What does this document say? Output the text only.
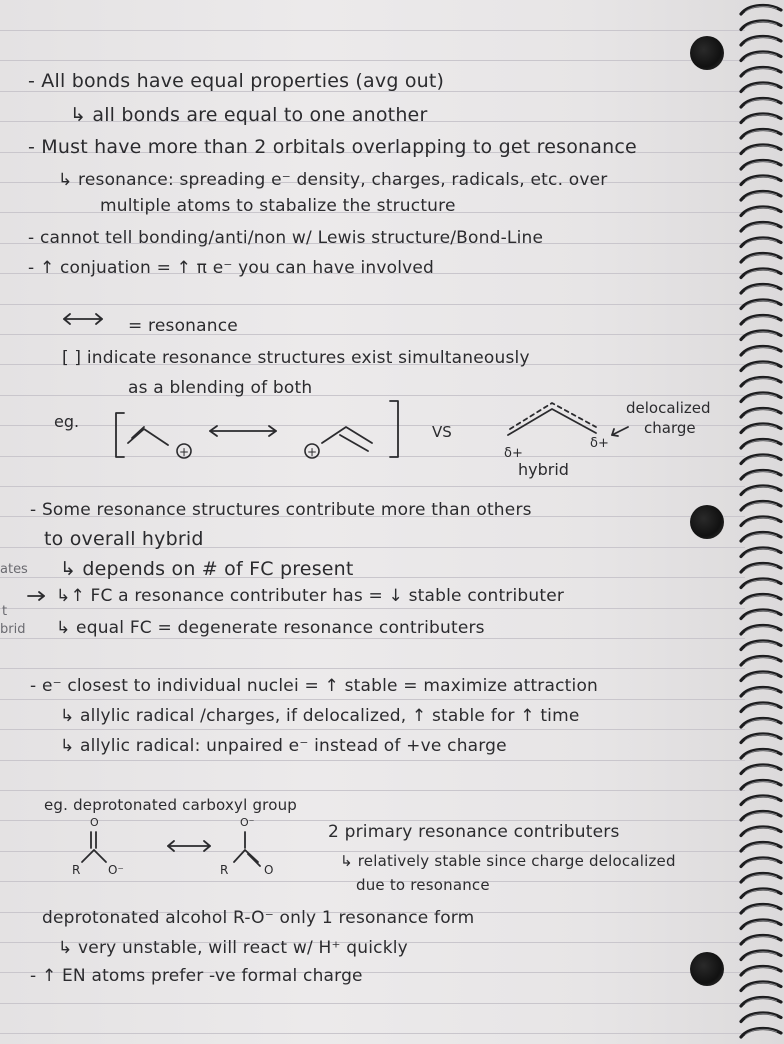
ates
t
brid
- All bonds have equal properties (avg out)
↳ all bonds are equal to one another
- Must have more than 2 orbitals overlapping to get resonance
↳ resonance: spreading e⁻ density, charges, radicals, etc. over
multiple atoms to stabalize the structure
- cannot tell bonding/anti/non w/ Lewis structure/Bond-Line
- ↑ conjuation = ↑ π e⁻ you can have involved
= resonance
[ ] indicate resonance structures exist simultaneously
as a blending of both
eg.
+	+
VS
δ+
δ+
delocalized
charge
hybrid
- Some resonance structures contribute more than others
to overall hybrid
↳ depends on # of FC present
↳↑ FC a resonance contributer has = ↓ stable contributer
↳ equal FC = degenerate resonance contributers
- e⁻ closest to individual nuclei = ↑ stable = maximize attraction
↳ allylic radical /charges, if delocalized, ↑ stable for ↑ time
↳ allylic radical: unpaired e⁻ instead of +ve charge
eg. deprotonated carboxyl group
O
R O⁻
O⁻
R	O
2 primary resonance contributers
↳ relatively stable since charge delocalized
due to resonance
deprotonated alcohol R-O⁻ only 1 resonance form
↳ very unstable, will react w/ H⁺ quickly
- ↑ EN atoms prefer -ve formal charge
